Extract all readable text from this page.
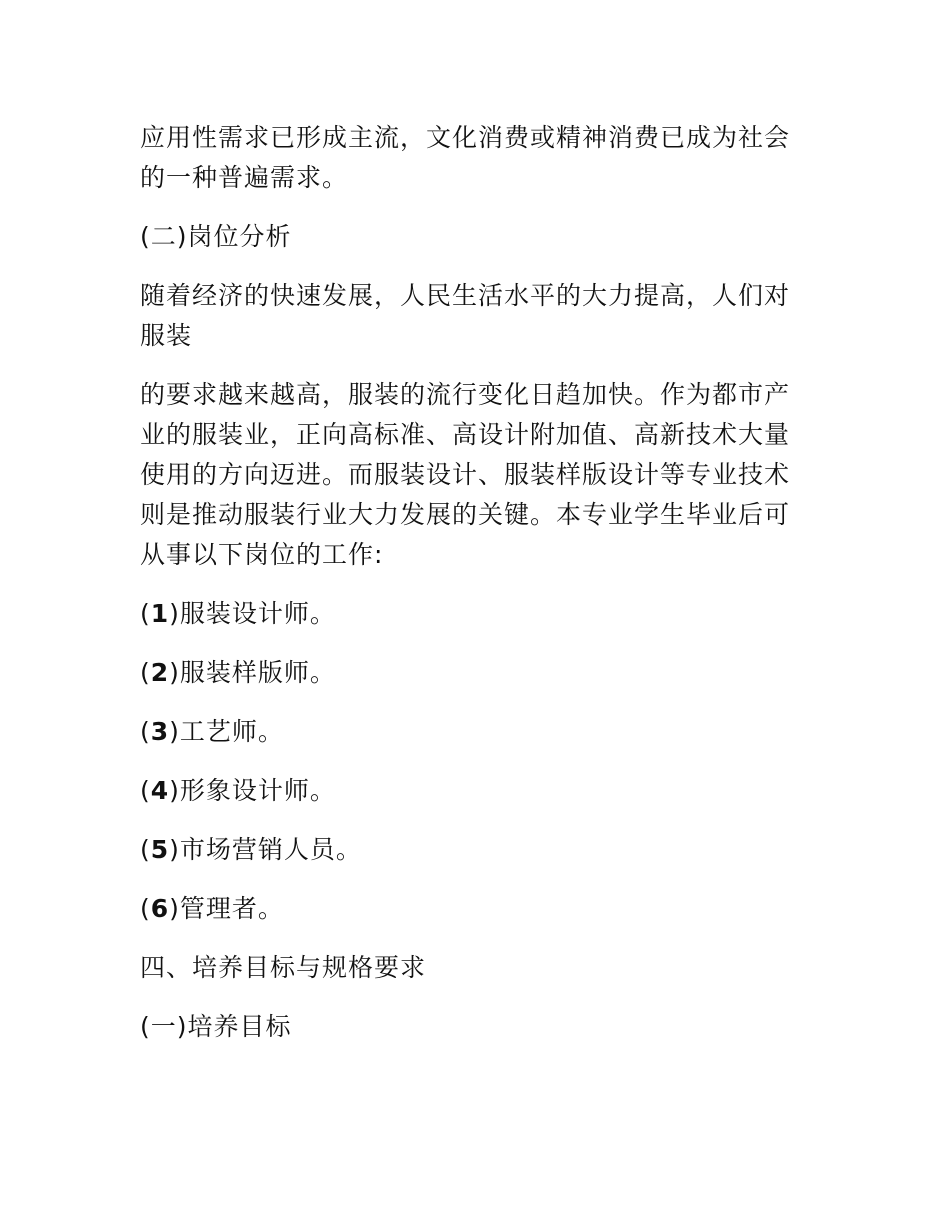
应用性需求已形成主流，文化消费或精神消费已成为社会的一种普遍需求。

(二)岗位分析

随着经济的快速发展，人民生活水平的大力提高，人们对服装

的要求越来越高，服装的流行变化日趋加快。作为都市产业的服装业，正向高标准、高设计附加值、高新技术大量使用的方向迈进。而服装设计、服装样版设计等专业技术则是推动服装行业大力发展的关键。本专业学生毕业后可从事以下岗位的工作:

(1)服装设计师。
(2)服装样版师。
(3)工艺师。
(4)形象设计师。
(5)市场营销人员。
(6)管理者。

四、培养目标与规格要求

(一)培养目标
